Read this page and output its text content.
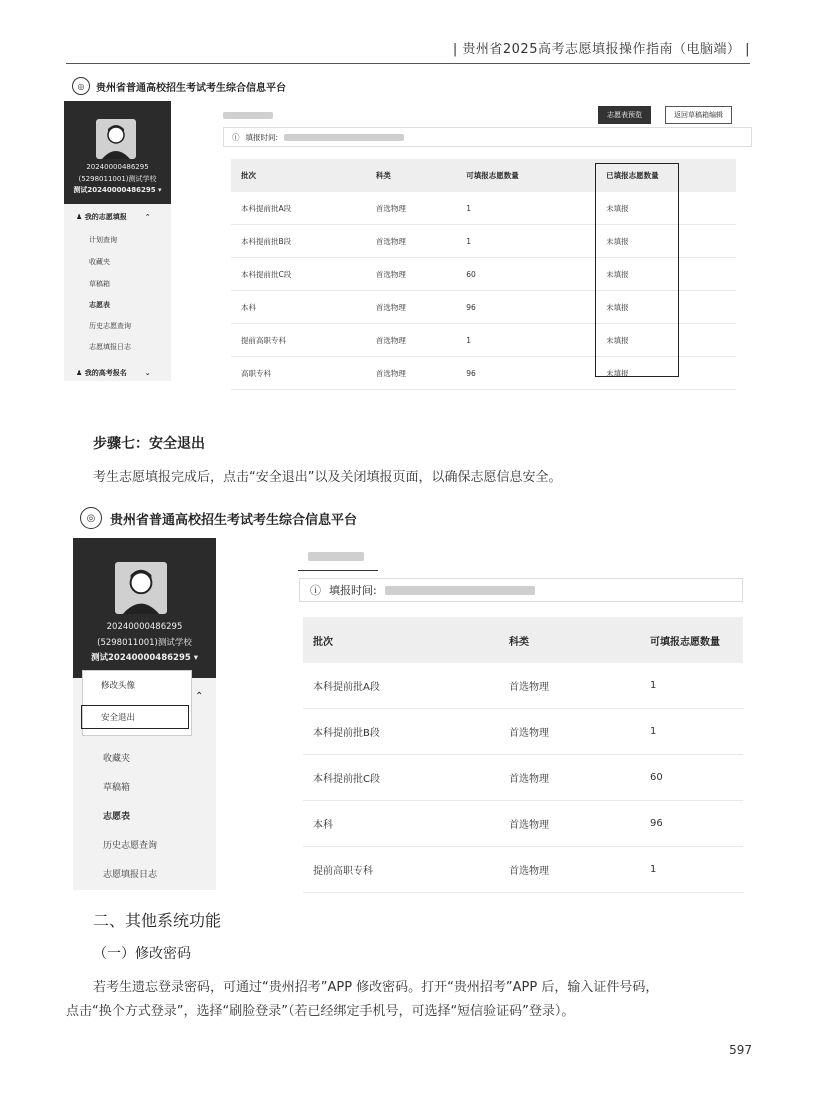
| 贵州省2025高考志愿填报操作指南（电脑端） |
◎	贵州省普通高校招生考试考生综合信息平台
20240000486295
(5298011001)测试学校
测试20240000486295 ▾
♟ 我的志愿填报	⌃
计划查询
收藏夹
草稿箱
志愿表
历史志愿查询
志愿填报日志
♟ 我的高考报名	⌄
志愿表预览	返回草稿箱编辑
ⓘ 填报时间:
批次	科类	可填报志愿数量	已填报志愿数量
本科提前批A段	首选物理	1	未填报
本科提前批B段	首选物理	1	未填报
本科提前批C段	首选物理	60	未填报
本科	首选物理	96	未填报
提前高职专科	首选物理	1	未填报
高职专科	首选物理	96	未填报
步骤七：安全退出
考生志愿填报完成后，点击“安全退出”以及关闭填报页面，以确保志愿信息安全。
◎	贵州省普通高校招生考试考生综合信息平台
20240000486295
(5298011001)测试学校
测试20240000486295 ▾
收藏夹
草稿箱
志愿表
历史志愿查询
志愿填报日志
修改头像
安全退出
⌃
ⓘ 填报时间:
批次	科类	可填报志愿数量
本科提前批A段	首选物理	1
本科提前批B段	首选物理	1
本科提前批C段	首选物理	60
本科	首选物理	96
提前高职专科	首选物理	1
二、其他系统功能
（一）修改密码
若考生遗忘登录密码，可通过“贵州招考”APP 修改密码。打开“贵州招考”APP 后，输入证件号码，
点击“换个方式登录”，选择“刷脸登录”（若已经绑定手机号，可选择“短信验证码”登录）。
597
